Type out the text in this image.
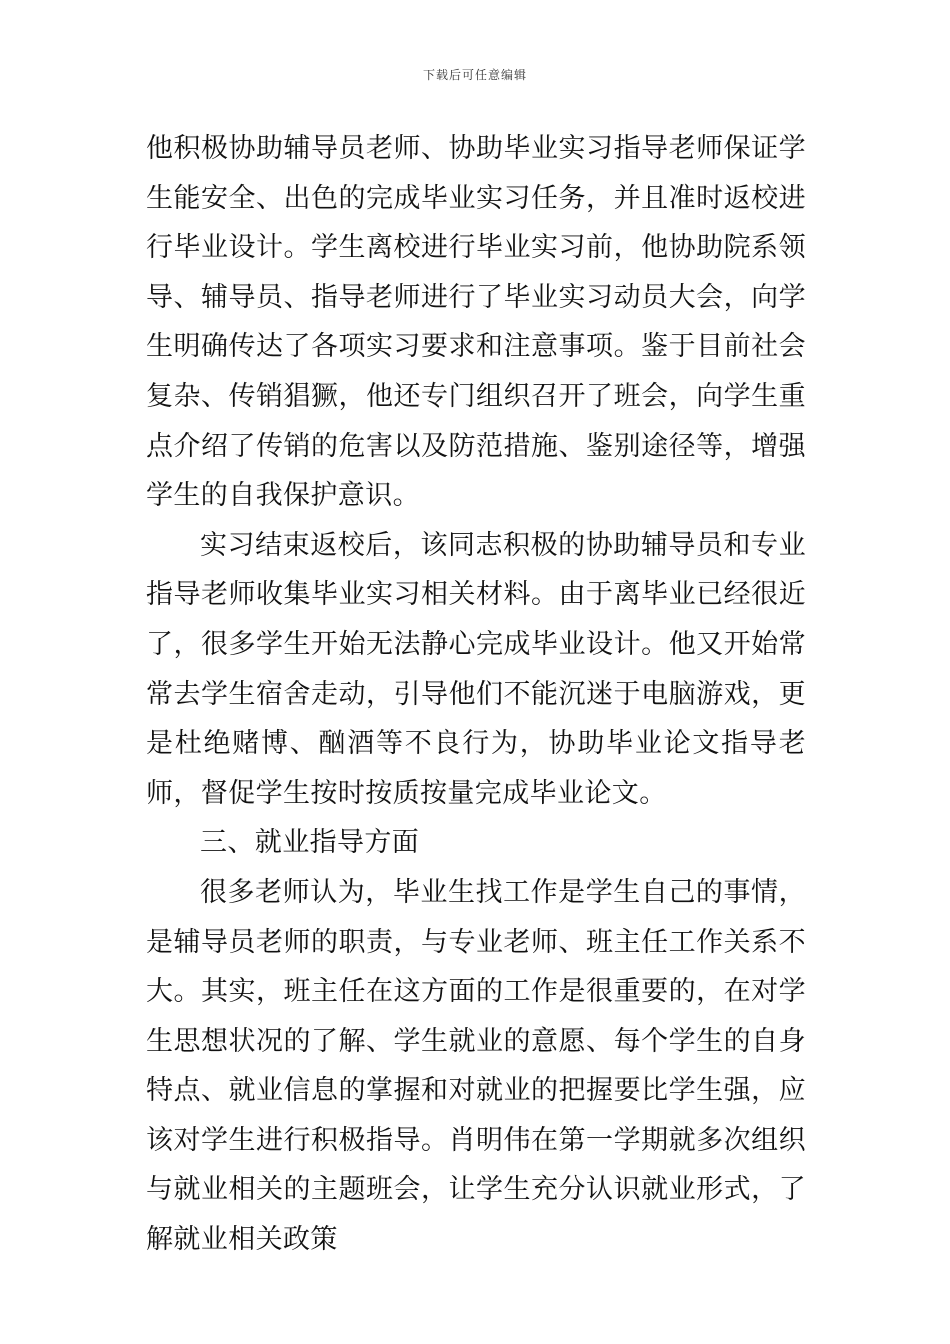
下载后可任意编辑

他积极协助辅导员老师、协助毕业实习指导老师保证学生能安全、出色的完成毕业实习任务，并且准时返校进行毕业设计。学生离校进行毕业实习前，他协助院系领导、辅导员、指导老师进行了毕业实习动员大会，向学生明确传达了各项实习要求和注意事项。鉴于目前社会复杂、传销猖獗，他还专门组织召开了班会，向学生重点介绍了传销的危害以及防范措施、鉴别途径等，增强学生的自我保护意识。

实习结束返校后，该同志积极的协助辅导员和专业指导老师收集毕业实习相关材料。由于离毕业已经很近了，很多学生开始无法静心完成毕业设计。他又开始常常去学生宿舍走动，引导他们不能沉迷于电脑游戏，更是杜绝赌博、酗酒等不良行为，协助毕业论文指导老师，督促学生按时按质按量完成毕业论文。

三、就业指导方面

很多老师认为，毕业生找工作是学生自己的事情，是辅导员老师的职责，与专业老师、班主任工作关系不大。其实，班主任在这方面的工作是很重要的，在对学生思想状况的了解、学生就业的意愿、每个学生的自身特点、就业信息的掌握和对就业的把握要比学生强，应该对学生进行积极指导。肖明伟在第一学期就多次组织与就业相关的主题班会，让学生充分认识就业形式，了解就业相关政策
